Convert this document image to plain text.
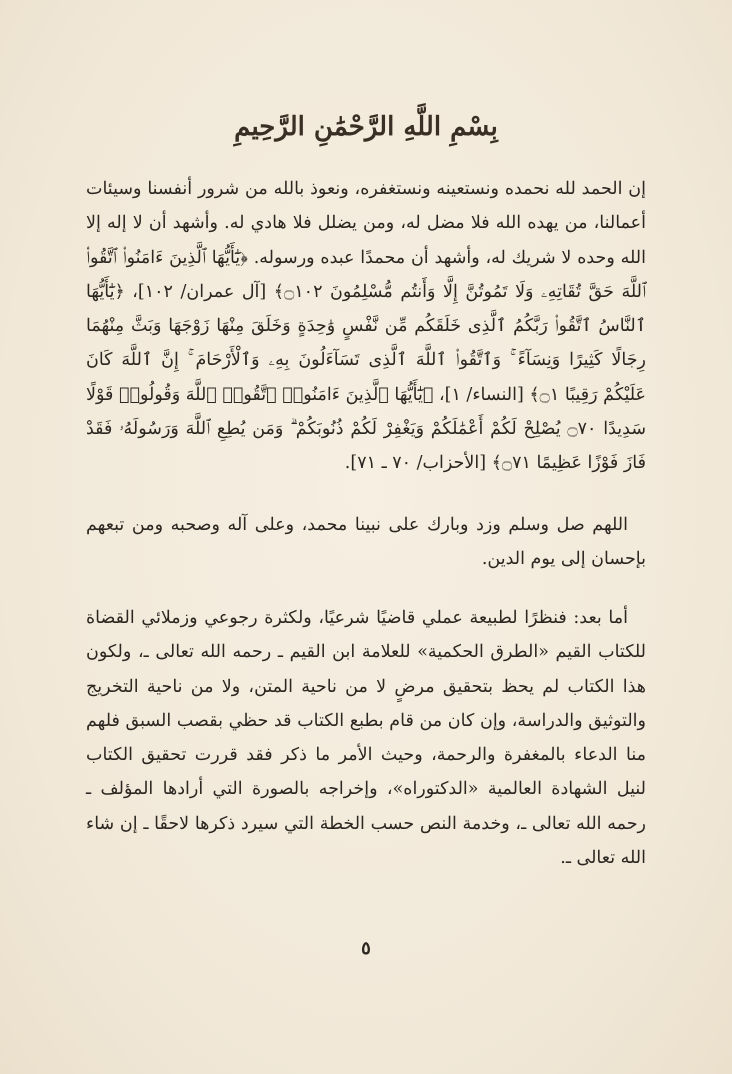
بِسْمِ اللَّهِ الرَّحْمَٰنِ الرَّحِيمِ

إن الحمد لله نحمده ونستعينه ونستغفره، ونعوذ بالله من شرور أنفسنا وسيئات أعمالنا، من يهده الله فلا مضل له، ومن يضلل فلا هادي له. وأشهد أن لا إله إلا الله وحده لا شريك له، وأشهد أن محمدًا عبده ورسوله. ﴿يَٰٓأَيُّهَا ٱلَّذِينَ ءَامَنُوا۟ ٱتَّقُوا۟ ٱللَّهَ حَقَّ تُقَاتِهِۦ وَلَا تَمُوتُنَّ إِلَّا وَأَنتُم مُّسْلِمُونَ ۝١٠٢﴾ [آل عمران/ ١٠٢]، ﴿يَٰٓأَيُّهَا ٱلنَّاسُ ٱتَّقُوا۟ رَبَّكُمُ ٱلَّذِى خَلَقَكُم مِّن نَّفْسٍ وَٰحِدَةٍ وَخَلَقَ مِنْهَا زَوْجَهَا وَبَثَّ مِنْهُمَا رِجَالًا كَثِيرًا وَنِسَآءً ۚ وَٱتَّقُوا۟ ٱللَّهَ ٱلَّذِى تَسَآءَلُونَ بِهِۦ وَٱلْأَرْحَامَ ۚ إِنَّ ٱللَّهَ كَانَ عَلَيْكُمْ رَقِيبًا ۝١﴾ [النساء/ ١]، ﴿يَٰٓأَيُّهَا ٱلَّذِينَ ءَامَنُوا۟ ٱتَّقُوا۟ ٱللَّهَ وَقُولُوا۟ قَوْلًا سَدِيدًا ۝٧٠ يُصْلِحْ لَكُمْ أَعْمَٰلَكُمْ وَيَغْفِرْ لَكُمْ ذُنُوبَكُمْ ۗ وَمَن يُطِعِ ٱللَّهَ وَرَسُولَهُۥ فَقَدْ فَازَ فَوْزًا عَظِيمًا ۝٧١﴾ [الأحزاب/ ٧٠ ـ ٧١].

اللهم صل وسلم وزد وبارك على نبينا محمد، وعلى آله وصحبه ومن تبعهم بإحسان إلى يوم الدين.

أما بعد: فنظرًا لطبيعة عملي قاضيًا شرعيًا، ولكثرة رجوعي وزملائي القضاة للكتاب القيم «الطرق الحكمية» للعلامة ابن القيم ـ رحمه الله تعالى ـ، ولكون هذا الكتاب لم يحظ بتحقيق مرضٍ لا من ناحية المتن، ولا من ناحية التخريج والتوثيق والدراسة، وإن كان من قام بطبع الكتاب قد حظي بقصب السبق فلهم منا الدعاء بالمغفرة والرحمة، وحيث الأمر ما ذكر فقد قررت تحقيق الكتاب لنيل الشهادة العالمية «الدكتوراه»، وإخراجه بالصورة التي أرادها المؤلف ـ رحمه الله تعالى ـ، وخدمة النص حسب الخطة التي سيرد ذكرها لاحقًا ـ إن شاء الله تعالى ـ.

٥
